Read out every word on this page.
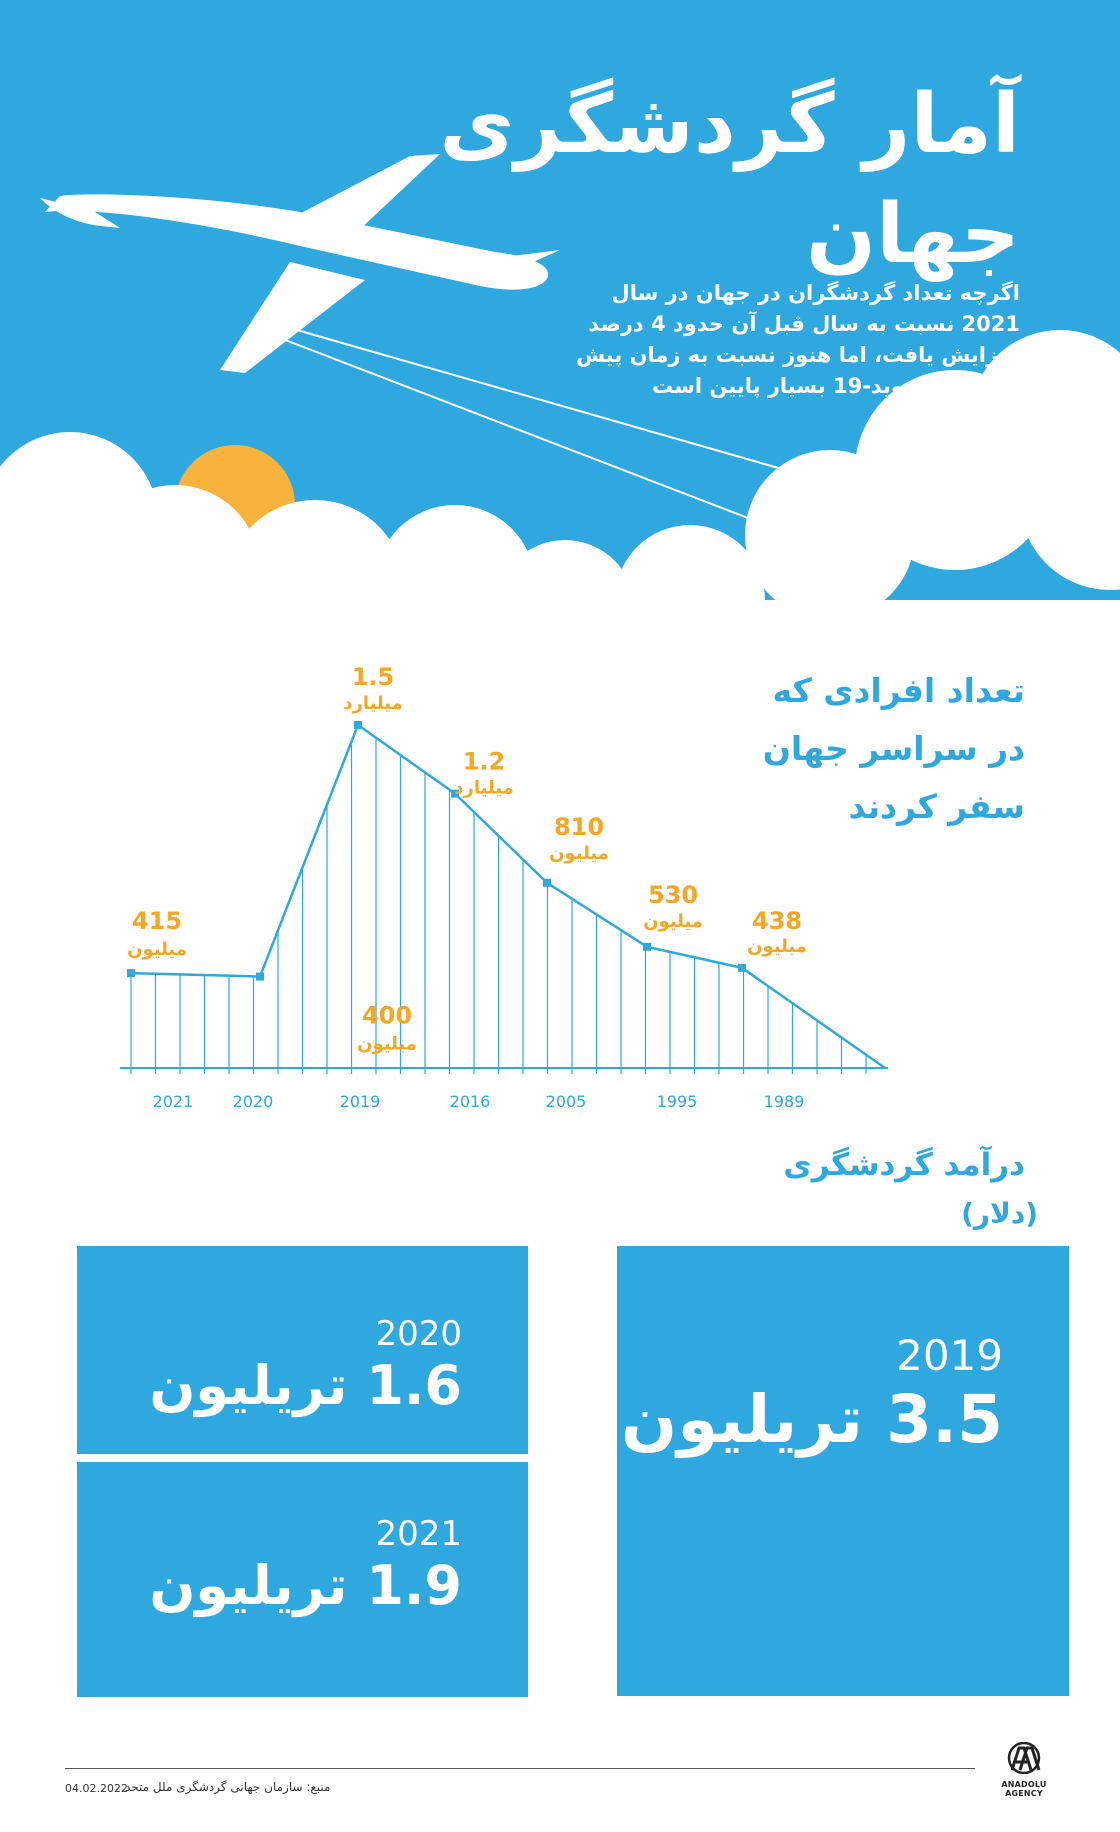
آمار گردشگری
جهان
اگرچه تعداد گردشگران در جهان در سال 2021 نسبت به سال قبل آن حدود 4 درصد افزایش یافت، اما هنوز نسبت به زمان پیش از شیوع کووید-19 بسیار پایین است
تعداد افرادی که
در سراسر جهان
سفر کردند
415
میلیون
2021
400
میلیون
2020
1.5
میلیارد
2019
1.2
میلیارد
2016
810
میلیون
2005
530
میلیون
1995
438
میلیون
1989
درآمد گردشگری
(دلار)
2019
3.5 تریلیون
2020
1.6 تریلیون
2021
1.9 تریلیون
04.02.2022
منبع: سازمان جهانی گردشگری ملل متحد	ANADOLU AGENCY
